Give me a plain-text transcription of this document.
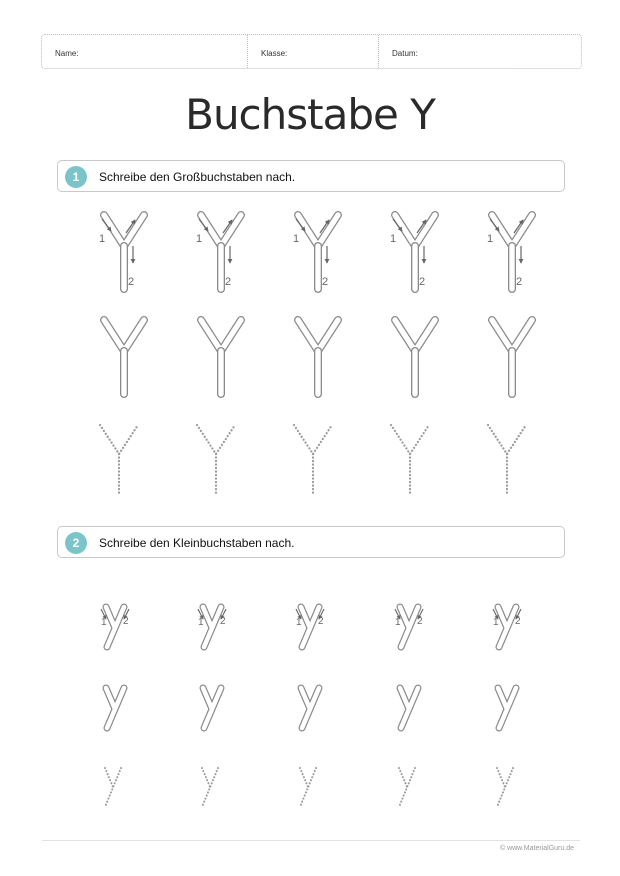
Name:	Klasse:	Datum:
Buchstabe Y
1	Schreibe den Großbuchstaben nach.
2	Schreibe den Kleinbuchstaben nach.
1
2
1
2
1
2
1
2
1
2
1 2	1 2	1 2	1 2	1 2
© www.MaterialGuru.de
